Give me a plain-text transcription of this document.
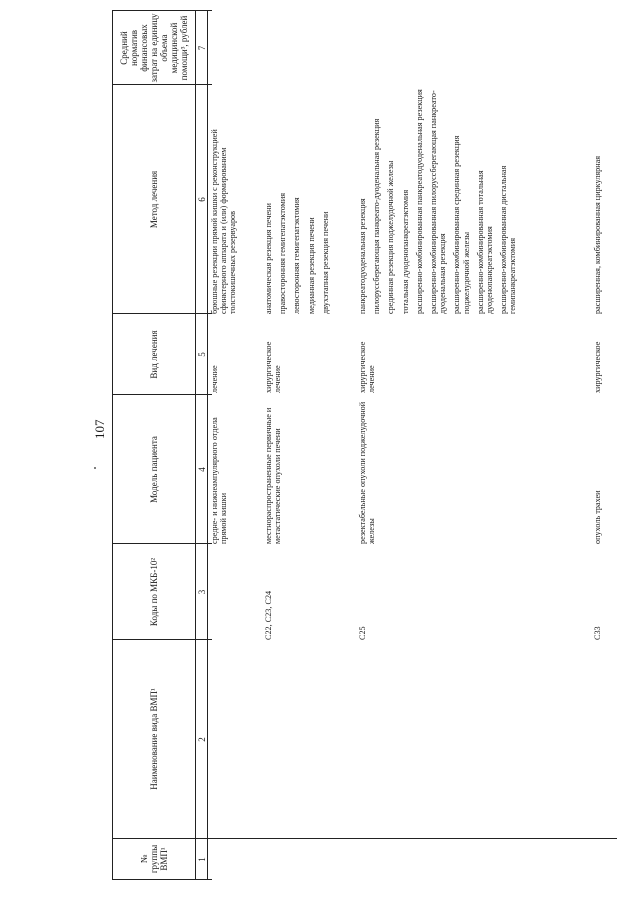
107
№ группы ВМП¹
Наименование вида ВМП¹
Коды по МКБ-10²
Модель пациента
Вид лечения
Метод лечения
Средний норматив финансовых затрат на единицу объема медицинской помощи³, рублей
1
2
3
4
5
6
7
средне- и нижнеампулярного отдела прямой кишки
лечение

брюшные резекции прямой кишки с реконструкцией сфинктерного аппарата и (или) формированием толстокишечных резервуаров

C22, C23, C24
местнораспространенные первичные и метастатические опухоли печени
хирургическое лечение

анатомическая резекция печени правосторонняя гемигепатэктомия левосторонняя гемигепатэктомия медианная резекция печени двухэтапная резекция печени

C25
резектабельные опухоли поджелудочной железы
хирургическое лечение

панкреатодуоденальная резекция пилоруссберегающая панкреато-дуоденальная резекция срединная резекция поджелудочной железы тотальная дуоденопанкреатэктомия расширенно-комбинированная панкреатодуоденальная резекция расширенно-комбинированная пилоруссберегающая панкреато-дуоденальная резекция расширенно-комбинированная срединная резекция поджелудочной железы расширенно-комбинированная тотальная дуоденопанкреатэктомия расширенно-комбинированная дистальная гемипанкреатэктомия

C33
опухоль трахеи
хирургическое

расширенная, комбинированная циркулярная
